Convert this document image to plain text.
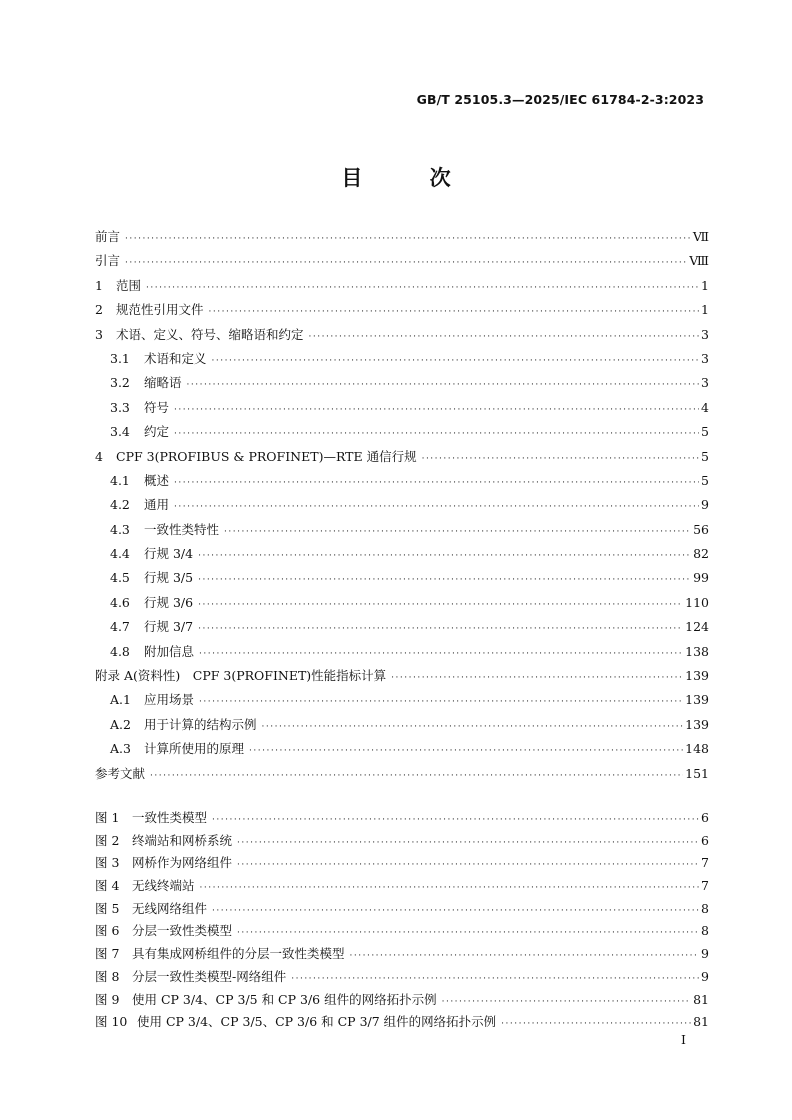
GB/T 25105.3—2025/IEC 61784-2-3:2023
目 次
前言 ·····	Ⅶ
引言 ·····	Ⅷ
1	范围 ·····	1
2	规范性引用文件 ·····	1
3	术语、定义、符号、缩略语和约定 ·····	3
3.1	术语和定义 ·····	3
3.2	缩略语 ·····	3
3.3	符号 ·····	4
3.4	约定 ·····	5
4	CPF 3(PROFIBUS & PROFINET)—RTE 通信行规 ·····	5
4.1	概述 ·····	5
4.2	通用 ·····	9
4.3	一致性类特性 ·····	56
4.4	行规 3/4 ·····	82
4.5	行规 3/5 ·····	99
4.6	行规 3/6 ·····	110
4.7	行规 3/7 ·····	124
4.8	附加信息 ·····	138
附录 A(资料性)　CPF 3(PROFINET)性能指标计算 ·····	139
A.1	应用场景 ·····	139
A.2	用于计算的结构示例 ·····	139
A.3	计算所使用的原理 ·····	148
参考文献 ·····	151
图 1	一致性类模型 ·····	6
图 2	终端站和网桥系统 ·····	6
图 3	网桥作为网络组件 ·····	7
图 4	无线终端站 ·····	7
图 5	无线网络组件 ·····	8
图 6	分层一致性类模型 ·····	8
图 7	具有集成网桥组件的分层一致性类模型 ·····	9
图 8	分层一致性类模型-网络组件 ·····	9
图 9	使用 CP 3/4、CP 3/5 和 CP 3/6 组件的网络拓扑示例 ·····	81
图 10 使用 CP 3/4、CP 3/5、CP 3/6 和 CP 3/7 组件的网络拓扑示例 ·····	81
I
